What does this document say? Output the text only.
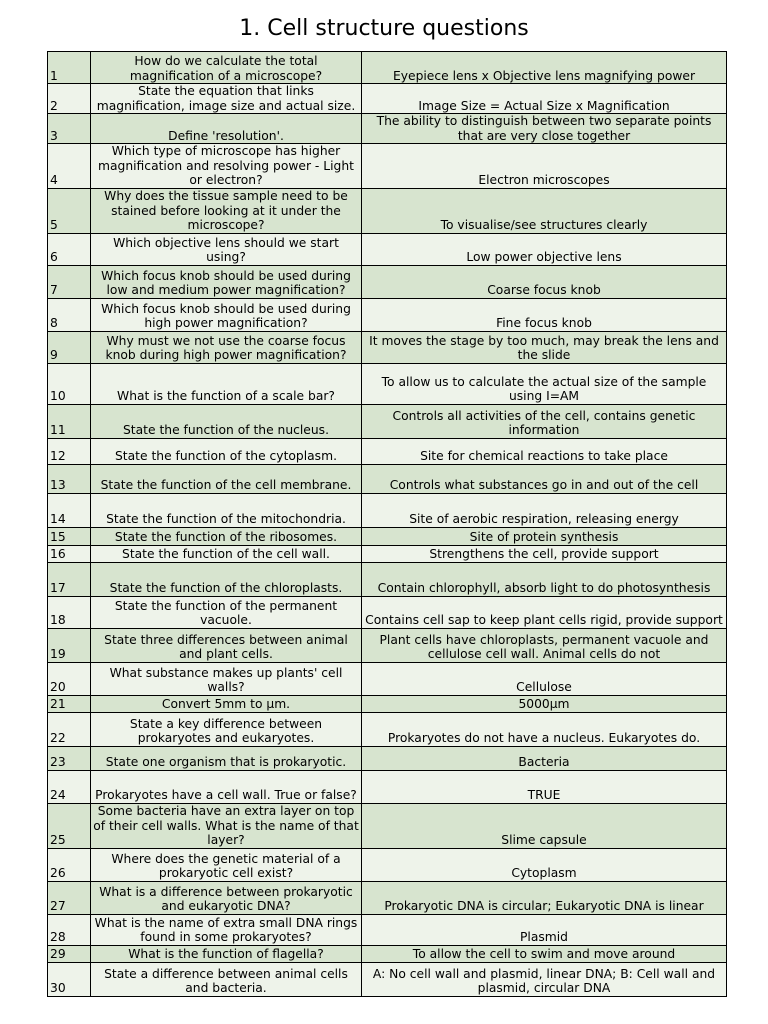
1. Cell structure questions
1	How do we calculate the total magnification of a microscope?	Eyepiece lens x Objective lens magnifying power
2	State the equation that links magnification, image size and actual size.	Image Size = Actual Size x Magnification
3	Define 'resolution'.	The ability to distinguish between two separate points that are very close together
4	Which type of microscope has higher magnification and resolving power - Light or electron?	Electron microscopes
5	Why does the tissue sample need to be stained before looking at it under the microscope?	To visualise/see structures clearly
6	Which objective lens should we start using?	Low power objective lens
7	Which focus knob should be used during low and medium power magnification?	Coarse focus knob
8	Which focus knob should be used during high power magnification?	Fine focus knob
9	Why must we not use the coarse focus knob during high power magnification?	It moves the stage by too much, may break the lens and the slide
10	What is the function of a scale bar?	To allow us to calculate the actual size of the sample using I=AM
11	State the function of the nucleus.	Controls all activities of the cell, contains genetic information
12	State the function of the cytoplasm.	Site for chemical reactions to take place
13	State the function of the cell membrane.	Controls what substances go in and out of the cell
14	State the function of the mitochondria.	Site of aerobic respiration, releasing energy
15	State the function of the ribosomes.	Site of protein synthesis
16	State the function of the cell wall.	Strengthens the cell, provide support
17	State the function of the chloroplasts.	Contain chlorophyll, absorb light to do photosynthesis
18	State the function of the permanent vacuole.	Contains cell sap to keep plant cells rigid, provide support
19	State three differences between animal and plant cells.	Plant cells have chloroplasts, permanent vacuole and cellulose cell wall. Animal cells do not
20	What substance makes up plants' cell walls?	Cellulose
21	Convert 5mm to µm.	5000µm
22	State a key difference between prokaryotes and eukaryotes.	Prokaryotes do not have a nucleus. Eukaryotes do.
23	State one organism that is prokaryotic.	Bacteria
24	Prokaryotes have a cell wall. True or false?	TRUE
25	Some bacteria have an extra layer on top of their cell walls. What is the name of that layer?	Slime capsule
26	Where does the genetic material of a prokaryotic cell exist?	Cytoplasm
27	What is a difference between prokaryotic and eukaryotic DNA?	Prokaryotic DNA is circular; Eukaryotic DNA is linear
28	What is the name of extra small DNA rings found in some prokaryotes?	Plasmid
29	What is the function of flagella?	To allow the cell to swim and move around
30	State a difference between animal cells and bacteria.	A: No cell wall and plasmid, linear DNA; B: Cell wall and plasmid, circular DNA
